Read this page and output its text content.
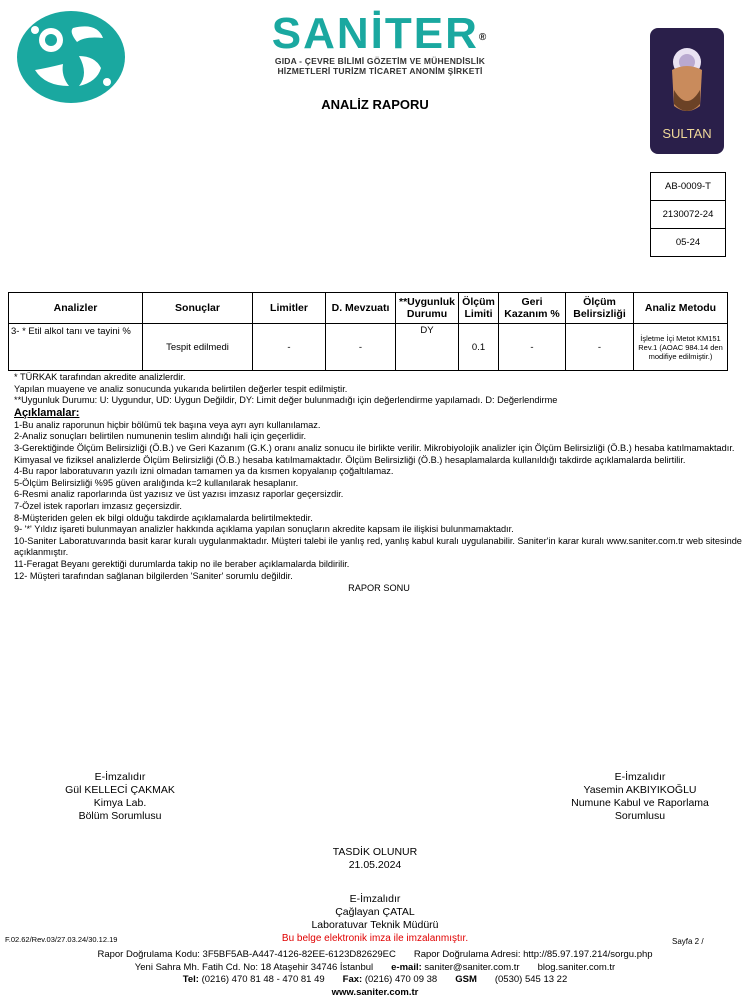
SANİTER®
GIDA - ÇEVRE BİLİMİ GÖZETİM VE MÜHENDİSLİK
HİZMETLERİ TURİZM TİCARET ANONİM ŞİRKETİ
ANALİZ RAPORU
SULTAN
AB-0009-T
2130072-24
05-24
Analizler	Sonuçlar	Limitler	D. Mevzuatı	**Uygunluk Durumu	Ölçüm Limiti	Geri Kazanım %	Ölçüm Belirsizliği	Analiz Metodu
3- * Etil alkol tanı ve tayini %	Tespit edilmedi	-	-	DY	0.1	-	-	İşletme İçi Metot KM151 Rev.1 (AOAC 984.14 den modifiye edilmiştir.)

* TÜRKAK tarafından akredite analizlerdir.

Yapılan muayene ve analiz sonucunda yukarıda belirtilen değerler tespit edilmiştir.

**Uygunluk Durumu: U: Uygundur, UD: Uygun Değildir, DY: Limit değer bulunmadığı için değerlendirme yapılamadı. D: Değerlendirme

Açıklamalar:

1-Bu analiz raporunun hiçbir bölümü tek başına veya ayrı ayrı kullanılamaz.

2-Analiz sonuçları belirtilen numunenin teslim alındığı hali için geçerlidir.

3-Gerektiğinde Ölçüm Belirsizliği (Ö.B.) ve Geri Kazanım (G.K.) oranı analiz sonucu ile birlikte verilir. Mikrobiyolojik analizler için Ölçüm Belirsizliği (Ö.B.) hesaba katılmamaktadır. Kimyasal ve fiziksel analizlerde Ölçüm Belirsizliği (Ö.B.) hesaba katılmamaktadır. Ölçüm Belirsizliği (Ö.B.) hesaplamalarda kullanıldığı takdirde açıklamalarda belirtilir.

4-Bu rapor laboratuvarın yazılı izni olmadan tamamen ya da kısmen kopyalanıp çoğaltılamaz.

5-Ölçüm Belirsizliği %95 güven aralığında k=2 kullanılarak hesaplanır.

6-Resmi analiz raporlarında üst yazısız ve üst yazısı imzasız raporlar geçersizdir.

7-Özel istek raporları imzasız geçersizdir.

8-Müşteriden gelen ek bilgi olduğu takdirde açıklamalarda belirtilmektedir.

9- '*' Yıldız işareti bulunmayan analizler hakkında açıklama yapılan sonuçların akredite kapsam ile ilişkisi bulunmamaktadır.

10-Saniter Laboratuvarında basit karar kuralı uygulanmaktadır. Müşteri talebi ile yanlış red, yanlış kabul kuralı uygulanabilir. Saniter'in karar kuralı www.saniter.com.tr web sitesinde açıklanmıştır.

11-Feragat Beyanı gerektiği durumlarda takip no ile beraber açıklamalarda bildirilir.

12- Müşteri tarafından sağlanan bilgilerden 'Saniter' sorumlu değildir.

RAPOR SONU

E-İmzalıdır
Gül KELLECİ ÇAKMAK
Kimya Lab.
Bölüm Sorumlusu
E-İmzalıdır
Yasemin AKBIYIKOĞLU
Numune Kabul ve Raporlama
Sorumlusu
TASDİK OLUNUR
21.05.2024
E-İmzalıdır
Çağlayan ÇATAL
Laboratuvar Teknik Müdürü
F.02.62/Rev.03/27.03.24/30.12.19	Bu belge elektronik imza ile imzalanmıştır.	Sayfa 2 /
Rapor Doğrulama Kodu: 3F5BF5AB-A447-4126-82EE-6123D82629EC Rapor Doğrulama Adresi: http://85.97.197.214/sorgu.php
Yeni Sahra Mh. Fatih Cd. No: 18 Ataşehir 34746 İstanbul e-mail: saniter@saniter.com.tr blog.saniter.com.tr
Tel: (0216) 470 81 48 - 470 81 49 Fax: (0216) 470 09 38 GSM (0530) 545 13 22
www.saniter.com.tr
